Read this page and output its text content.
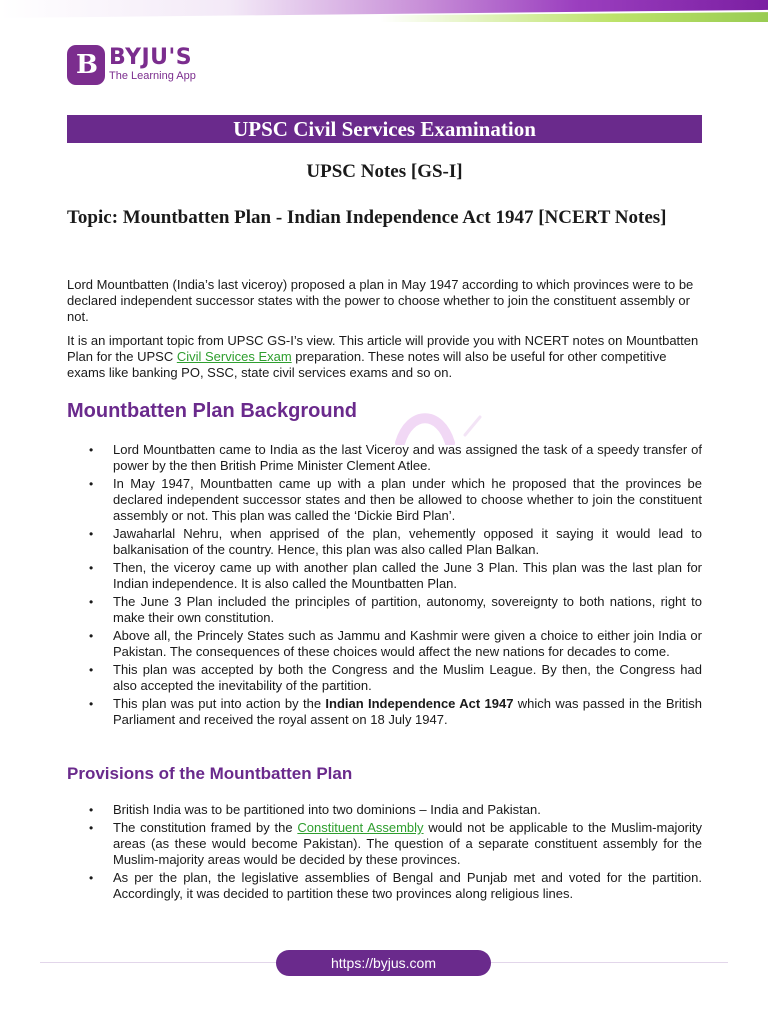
B BYJU'S
The Learning App
UPSC Civil Services Examination
UPSC Notes [GS-I]
Topic: Mountbatten Plan - Indian Independence Act 1947 [NCERT Notes]
Lord Mountbatten (India’s last viceroy) proposed a plan in May 1947 according to which provinces were to be declared independent successor states with the power to choose whether to join the constituent assembly or not.
It is an important topic from UPSC GS-I’s view. This article will provide you with NCERT notes on Mountbatten Plan for the UPSC Civil Services Exam preparation. These notes will also be useful for other competitive exams like banking PO, SSC, state civil services exams and so on.
Mountbatten Plan Background
• Lord Mountbatten came to India as the last Viceroy and was assigned the task of a speedy transfer of power by the then British Prime Minister Clement Atlee.
• In May 1947, Mountbatten came up with a plan under which he proposed that the provinces be declared independent successor states and then be allowed to choose whether to join the constituent assembly or not. This plan was called the ‘Dickie Bird Plan’.
• Jawaharlal Nehru, when apprised of the plan, vehemently opposed it saying it would lead to balkanisation of the country. Hence, this plan was also called Plan Balkan.
• Then, the viceroy came up with another plan called the June 3 Plan. This plan was the last plan for Indian independence. It is also called the Mountbatten Plan.
• The June 3 Plan included the principles of partition, autonomy, sovereignty to both nations, right to make their own constitution.
• Above all, the Princely States such as Jammu and Kashmir were given a choice to either join India or Pakistan. The consequences of these choices would affect the new nations for decades to come.
• This plan was accepted by both the Congress and the Muslim League. By then, the Congress had also accepted the inevitability of the partition.
• This plan was put into action by the Indian Independence Act 1947 which was passed in the British Parliament and received the royal assent on 18 July 1947.
Provisions of the Mountbatten Plan
• British India was to be partitioned into two dominions – India and Pakistan.
• The constitution framed by the Constituent Assembly would not be applicable to the Muslim-majority areas (as these would become Pakistan). The question of a separate constituent assembly for the Muslim-majority areas would be decided by these provinces.
• As per the plan, the legislative assemblies of Bengal and Punjab met and voted for the partition. Accordingly, it was decided to partition these two provinces along religious lines.
https://byjus.com
